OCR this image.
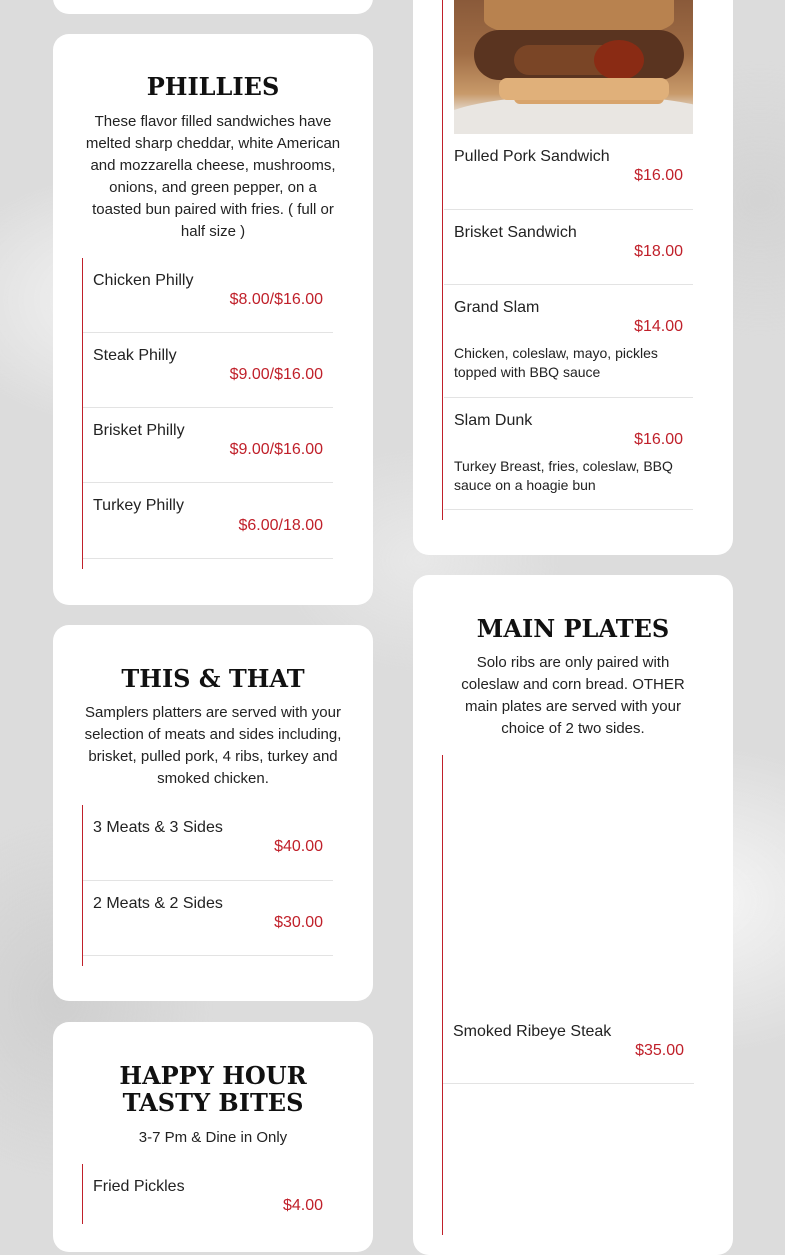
PHILLIES

These flavor filled sandwiches have melted sharp cheddar, white American and mozzarella cheese, mushrooms, onions, and green pepper, on a toasted bun paired with fries. ( full or half size )

Chicken Philly
$8.00/$16.00
Steak Philly
$9.00/$16.00
Brisket Philly
$9.00/$16.00
Turkey Philly
$6.00/18.00
THIS & THAT

Samplers platters are served with your selection of meats and sides including, brisket, pulled pork, 4 ribs, turkey and smoked chicken.

3 Meats & 3 Sides
$40.00
2 Meats & 2 Sides
$30.00
HAPPY HOUR TASTY BITES

3-7 Pm & Dine in Only

Fried Pickles
$4.00
Pulled Pork Sandwich
$16.00
Brisket Sandwich
$18.00
Grand Slam
$14.00
Chicken, coleslaw, mayo, pickles topped with BBQ sauce
Slam Dunk
$16.00
Turkey Breast, fries, coleslaw, BBQ sauce on a hoagie bun
MAIN PLATES

Solo ribs are only paired with coleslaw and corn bread. OTHER main plates are served with your choice of 2 two sides.

Smoked Ribeye Steak
$35.00
